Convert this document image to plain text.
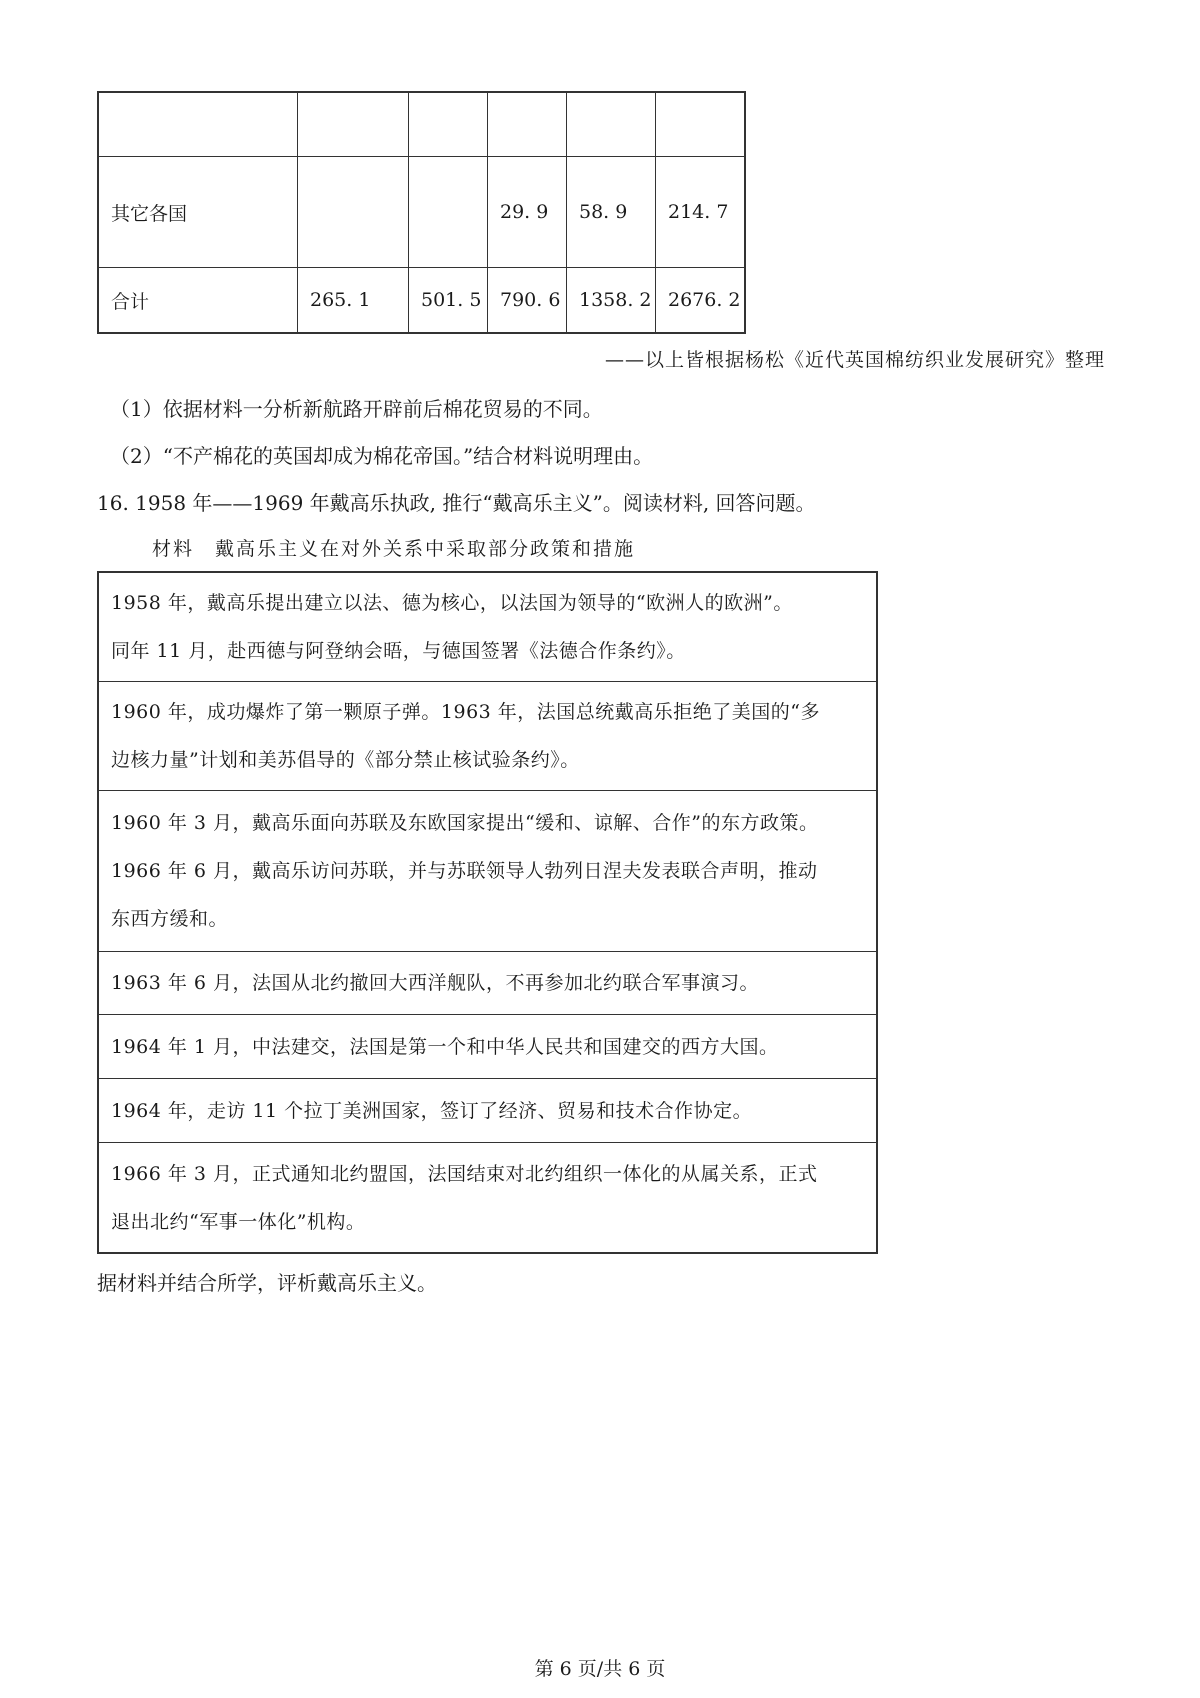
其它各国			29. 9	58. 9	214. 7
合计	265. 1	501. 5	790. 6	1358. 2	2676. 2
——以上皆根据杨松《近代英国棉纺织业发展研究》整理
（1）依据材料一分析新航路开辟前后棉花贸易的不同。
（2）“不产棉花的英国却成为棉花帝国。”结合材料说明理由。
16. 1958 年——1969 年戴高乐执政, 推行“戴高乐主义”。阅读材料, 回答问题。
材料　戴高乐主义在对外关系中采取部分政策和措施
1958 年，戴高乐提出建立以法、德为核心，以法国为领导的“欧洲人的欧洲”。
同年 11 月，赴西德与阿登纳会晤，与德国签署《法德合作条约》。

1960 年，成功爆炸了第一颗原子弹。1963 年，法国总统戴高乐拒绝了美国的“多
边核力量”计划和美苏倡导的《部分禁止核试验条约》。

1960 年 3 月，戴高乐面向苏联及东欧国家提出“缓和、谅解、合作”的东方政策。
1966 年 6 月，戴高乐访问苏联，并与苏联领导人勃列日涅夫发表联合声明，推动
东西方缓和。

1963 年 6 月，法国从北约撤回大西洋舰队，不再参加北约联合军事演习。

1964 年 1 月，中法建交，法国是第一个和中华人民共和国建交的西方大国。

1964 年，走访 11 个拉丁美洲国家，签订了经济、贸易和技术合作协定。

1966 年 3 月，正式通知北约盟国，法国结束对北约组织一体化的从属关系，正式
退出北约“军事一体化”机构。
据材料并结合所学，评析戴高乐主义。
第 6 页/共 6 页
